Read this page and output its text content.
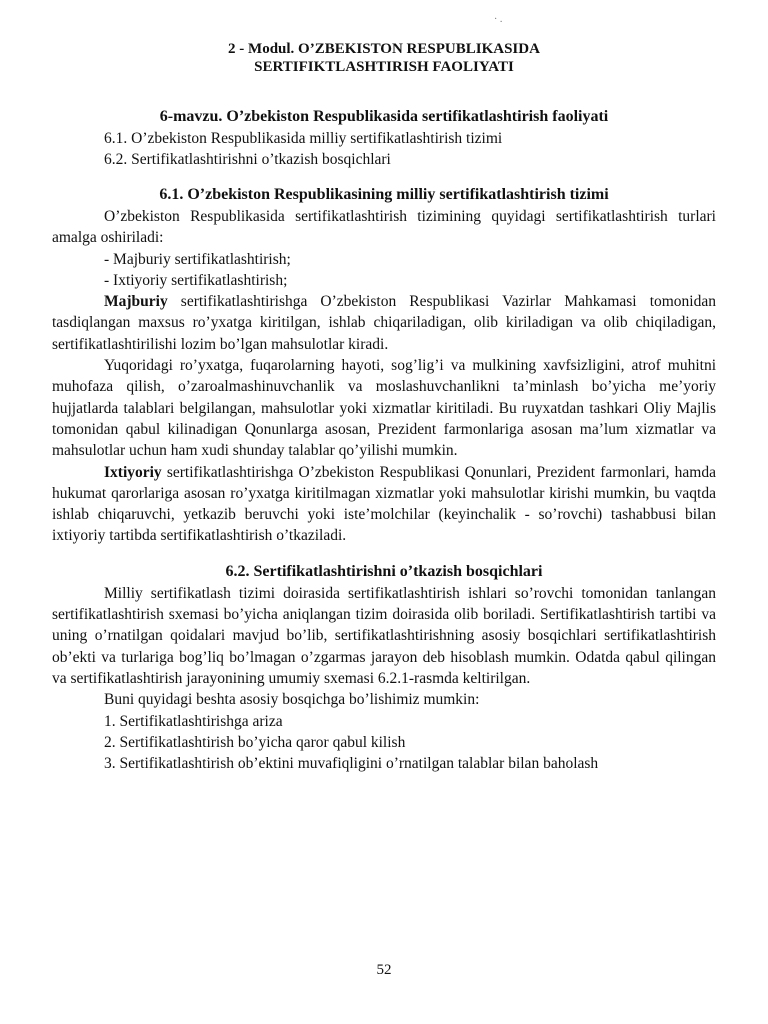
· .
2 - Modul. O’ZBEKISTON RESPUBLIKASIDA
SERTIFIKTLASHTIRISH FAOLIYATI
6-mavzu. O’zbekiston Respublikasida sertifikatlashtirish faoliyati
6.1. O’zbekiston Respublikasida milliy sertifikatlashtirish tizimi
6.2. Sertifikatlashtirishni o’tkazish bosqichlari
6.1. O’zbekiston Respublikasining milliy sertifikatlashtirish tizimi

O’zbekiston Respublikasida sertifikatlashtirish tizimining quyidagi sertifikatlashtirish turlari amalga oshiriladi:

- Majburiy sertifikatlashtirish;
- Ixtiyoriy sertifikatlashtirish;

Majburiy sertifikatlashtirishga O’zbekiston Respublikasi Vazirlar Mahkamasi tomonidan tasdiqlangan maxsus ro’yxatga kiritilgan, ishlab chiqariladigan, olib kiriladigan va olib chiqiladigan, sertifikatlashtirilishi lozim bo’lgan mahsulotlar kiradi.

Yuqoridagi ro’yxatga, fuqarolarning hayoti, sog’lig’i va mulkining xavfsizligini, atrof muhitni muhofaza qilish, o’zaroalmashinuvchanlik va moslashuvchanlikni ta’minlash bo’yicha me’yoriy hujjatlarda talablari belgilangan, mahsulotlar yoki xizmatlar kiritiladi. Bu ruyxatdan tashkari Oliy Majlis tomonidan qabul kilinadigan Qonunlarga asosan, Prezident farmonlariga asosan ma’lum xizmatlar va mahsulotlar uchun ham xudi shunday talablar qo’yilishi mumkin.

Ixtiyoriy sertifikatlashtirishga O’zbekiston Respublikasi Qonunlari, Prezident farmonlari, hamda hukumat qarorlariga asosan ro’yxatga kiritilmagan xizmatlar yoki mahsulotlar kirishi mumkin, bu vaqtda ishlab chiqaruvchi, yetkazib beruvchi yoki iste’molchilar (keyinchalik - so’rovchi) tashabbusi bilan ixtiyoriy tartibda sertifikatlashtirish o’tkaziladi.

6.2. Sertifikatlashtirishni o’tkazish bosqichlari

Milliy sertifikatlash tizimi doirasida sertifikatlashtirish ishlari so’rovchi tomonidan tanlangan sertifikatlashtirish sxemasi bo’yicha aniqlangan tizim doirasida olib boriladi. Sertifikatlashtirish tartibi va uning o’rnatilgan qoidalari mavjud bo’lib, sertifikatlashtirishning asosiy bosqichlari sertifikatlashtirish ob’ekti va turlariga bog’liq bo’lmagan o’zgarmas jarayon deb hisoblash mumkin. Odatda qabul qilingan va sertifikatlashtirish jarayonining umumiy sxemasi 6.2.1-rasmda keltirilgan.

Buni quyidagi beshta asosiy bosqichga bo’lishimiz mumkin:

1. Sertifikatlashtirishga ariza
2. Sertifikatlashtirish bo’yicha qaror qabul kilish
3. Sertifikatlashtirish ob’ektini muvafiqligini o’rnatilgan talablar bilan baholash
52
